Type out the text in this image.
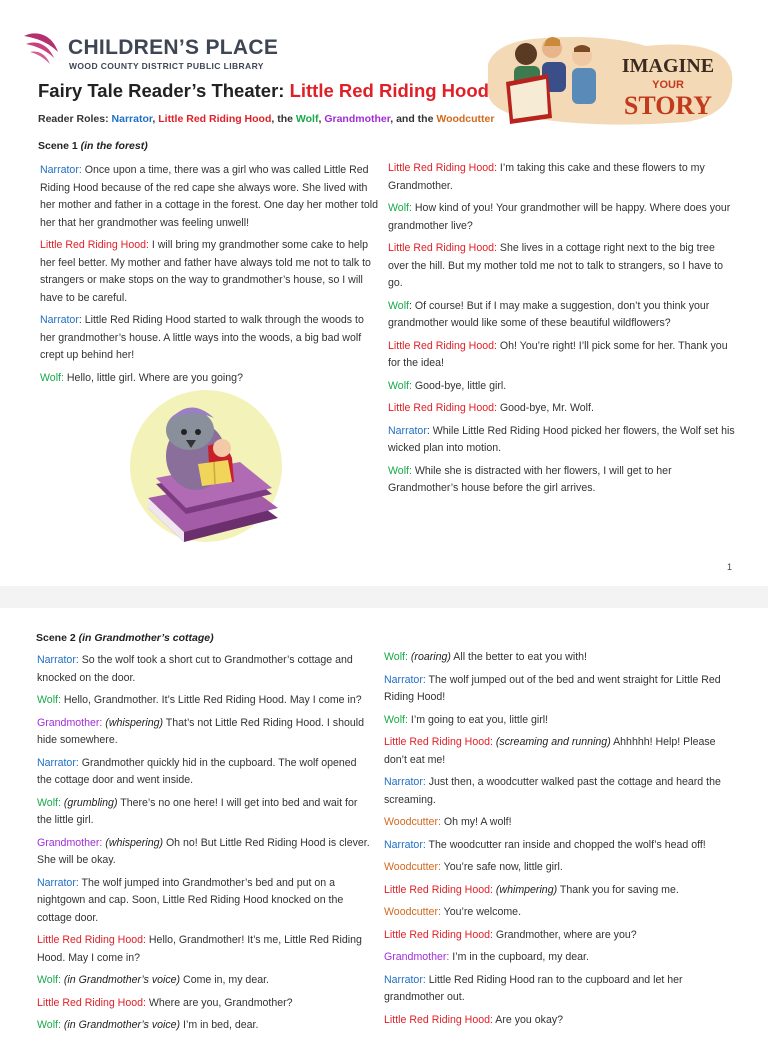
CHILDREN’S PLACE
WOOD COUNTY DISTRICT PUBLIC LIBRARY	IMAGINE
YOUR
STORY
Fairy Tale Reader’s Theater: Little Red Riding Hood
Reader Roles: Narrator, Little Red Riding Hood, the Wolf, Grandmother, and the Woodcutter
Scene 1 (in the forest)

Narrator: Once upon a time, there was a girl who was called Little Red Riding Hood because of the red cape she always wore. She lived with her mother and father in a cottage in the forest. One day her mother told her that her grandmother was feeling unwell!

Little Red Riding Hood: I will bring my grandmother some cake to help her feel better. My mother and father have always told me not to talk to strangers or make stops on the way to grandmother’s house, so I will have to be careful.

Narrator: Little Red Riding Hood started to walk through the woods to her grandmother’s house. A little ways into the woods, a big bad wolf crept up behind her!

Wolf: Hello, little girl. Where are you going?

Little Red Riding Hood: I’m taking this cake and these flowers to my Grandmother.

Wolf: How kind of you! Your grandmother will be happy. Where does your grandmother live?

Little Red Riding Hood: She lives in a cottage right next to the big tree over the hill. But my mother told me not to talk to strangers, so I have to go.

Wolf: Of course! But if I may make a suggestion, don’t you think your grandmother would like some of these beautiful wildflowers?

Little Red Riding Hood: Oh! You’re right! I’ll pick some for her. Thank you for the idea!

Wolf: Good-bye, little girl.

Little Red Riding Hood: Good-bye, Mr. Wolf.

Narrator: While Little Red Riding Hood picked her flowers, the Wolf set his wicked plan into motion.

Wolf: While she is distracted with her flowers, I will get to her Grandmother’s house before the girl arrives.

1
Scene 2 (in Grandmother’s cottage)

Narrator: So the wolf took a short cut to Grandmother’s cottage and knocked on the door.

Wolf: Hello, Grandmother. It’s Little Red Riding Hood. May I come in?

Grandmother: (whispering) That’s not Little Red Riding Hood. I should hide somewhere.

Narrator: Grandmother quickly hid in the cupboard. The wolf opened the cottage door and went inside.

Wolf: (grumbling) There’s no one here! I will get into bed and wait for the little girl.

Grandmother: (whispering) Oh no! But Little Red Riding Hood is clever. She will be okay.

Narrator: The wolf jumped into Grandmother’s bed and put on a nightgown and cap. Soon, Little Red Riding Hood knocked on the cottage door.

Little Red Riding Hood: Hello, Grandmother! It’s me, Little Red Riding Hood. May I come in?

Wolf: (in Grandmother’s voice) Come in, my dear.

Little Red Riding Hood: Where are you, Grandmother?

Wolf: (in Grandmother’s voice) I’m in bed, dear.

Wolf: (roaring) All the better to eat you with!

Narrator: The wolf jumped out of the bed and went straight for Little Red Riding Hood!

Wolf: I’m going to eat you, little girl!

Little Red Riding Hood: (screaming and running) Ahhhhh! Help! Please don’t eat me!

Narrator: Just then, a woodcutter walked past the cottage and heard the screaming.

Woodcutter: Oh my! A wolf!

Narrator: The woodcutter ran inside and chopped the wolf’s head off!

Woodcutter: You’re safe now, little girl.

Little Red Riding Hood: (whimpering) Thank you for saving me.

Woodcutter: You’re welcome.

Little Red Riding Hood: Grandmother, where are you?

Grandmother: I’m in the cupboard, my dear.

Narrator: Little Red Riding Hood ran to the cupboard and let her grandmother out.

Little Red Riding Hood: Are you okay?
